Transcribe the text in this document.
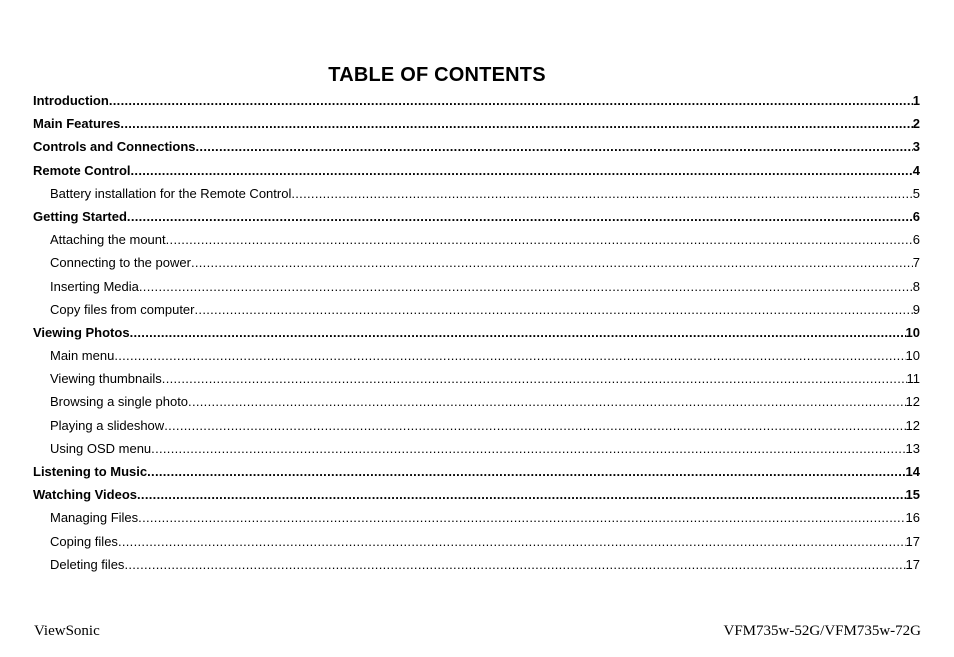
TABLE OF CONTENTS
Introduction .....	1
Main Features .....	2
Controls and Connections .....	3
Remote Control .....	4
Battery installation for the Remote Control .....	5
Getting Started .....	6
Attaching the mount .....	6
Connecting to the power .....	7
Inserting Media .....	8
Copy files from computer .....	9
Viewing Photos .....	10
Main menu .....	10
Viewing thumbnails .....	11
Browsing a single photo .....	12
Playing a slideshow .....	12
Using OSD menu .....	13
Listening to Music .....	14
Watching Videos .....	15
Managing Files .....	16
Coping files .....	17
Deleting files .....	17
ViewSonic	VFM735w-52G/VFM735w-72G
